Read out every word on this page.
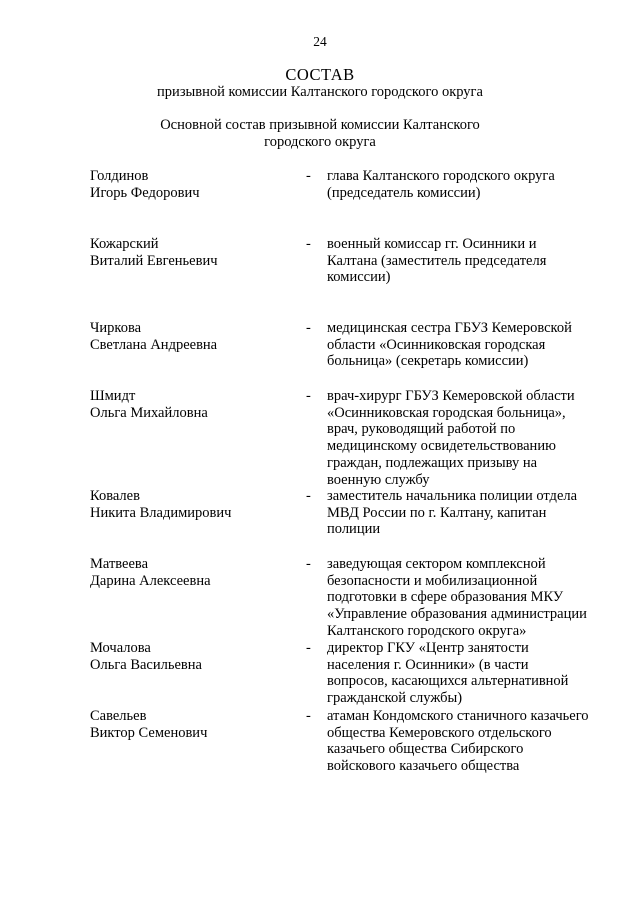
24
СОСТАВ
призывной комиссии Калтанского городского округа
Основной состав призывной комиссии Калтанского городского округа
Голдинов
Игорь Федорович
- глава Калтанского городского округа (председатель комиссии)
Кожарский
Виталий Евгеньевич
- военный комиссар гг. Осинники и Калтана (заместитель председателя комиссии)
Чиркова
Светлана Андреевна
- медицинская сестра ГБУЗ Кемеровской области «Осинниковская городская больница» (секретарь комиссии)
Шмидт
Ольга Михайловна
- врач-хирург ГБУЗ Кемеровской области «Осинниковская городская больница», врач, руководящий работой по медицинскому освидетельствованию граждан, подлежащих призыву на военную службу
Ковалев
Никита Владимирович
- заместитель начальника полиции отдела МВД России по г. Калтану, капитан полиции
Матвеева
Дарина Алексеевна
- заведующая сектором комплексной безопасности и мобилизационной подготовки в сфере образования МКУ «Управление образования администрации Калтанского городского округа»
Мочалова
Ольга Васильевна
- директор ГКУ «Центр занятости населения г. Осинники» (в части вопросов, касающихся альтернативной гражданской службы)
Савельев
Виктор Семенович
- атаман Кондомского станичного казачьего общества Кемеровского отдельского казачьего общества Сибирского войскового казачьего общества
